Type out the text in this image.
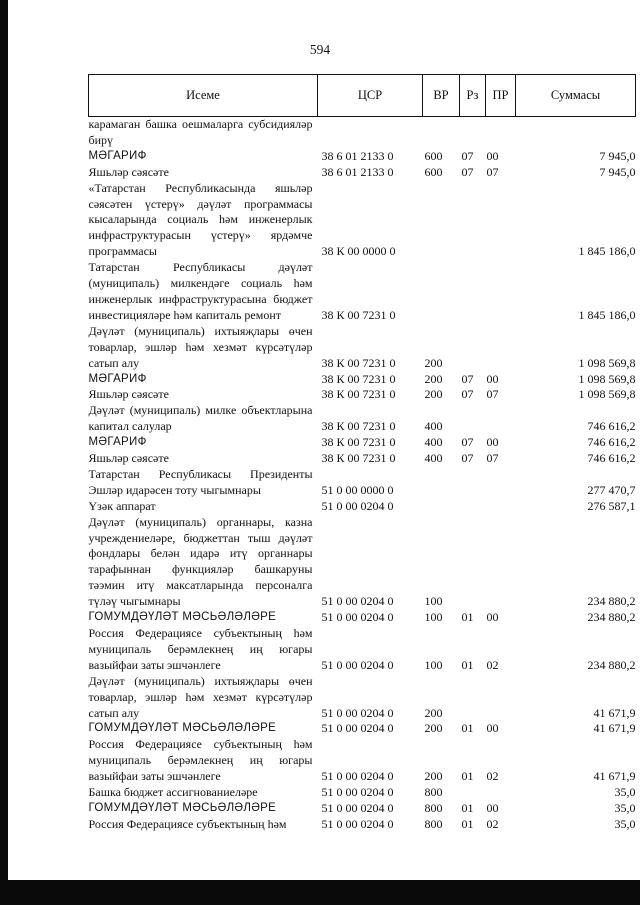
594
Исеме	ЦСР	ВР	Рз	ПР	Суммасы
карамаган башка оешмаларга субсидияләр бирү					
МӘГАРИФ	38 6 01 2133 0	600	07	00	7 945,0
Яшьләр сәясәте	38 6 01 2133 0	600	07	07	7 945,0
«Татарстан Республикасында яшьләр сәясәтен үстерү» дәүләт программасы кысаларында социаль һәм инженерлык инфраструктурасын үстерү» ярдәмче программасы	38 К 00 0000 0				1 845 186,0
Татарстан Республикасы дәүләт (муниципаль) милкендәге социаль һәм инженерлык инфраструктурасына бюджет инвестицияләре һәм капиталь ремонт	38 К 00 7231 0				1 845 186,0
Дәүләт (муниципаль) ихтыяҗлары өчен товарлар, эшләр һәм хезмәт күрсәтүләр сатып алу	38 К 00 7231 0	200			1 098 569,8
МӘГАРИФ	38 К 00 7231 0	200	07	00	1 098 569,8
Яшьләр сәясәте	38 К 00 7231 0	200	07	07	1 098 569,8
Дәүләт (муниципаль) милке объектларына капитал салулар	38 К 00 7231 0	400			746 616,2
МӘГАРИФ	38 К 00 7231 0	400	07	00	746 616,2
Яшьләр сәясәте	38 К 00 7231 0	400	07	07	746 616,2
Татарстан Республикасы Президенты Эшләр идарәсен тоту чыгымнары	51 0 00 0000 0				277 470,7
Үзәк аппарат	51 0 00 0204 0				276 587,1
Дәүләт (муниципаль) органнары, казна учреждениеләре, бюджеттан тыш дәүләт фондлары белән идарә итү органнары тарафыннан функцияләр башкаруны тәэмин итү максатларында персоналга түләү чыгымнары	51 0 00 0204 0	100			234 880,2
ГОМУМДӘҮЛӘТ МӘСЬӘЛӘЛӘРЕ	51 0 00 0204 0	100	01	00	234 880,2
Россия Федерациясе субъектының һәм муниципаль берәмлекнең иң югары вазыйфаи заты эшчәнлеге	51 0 00 0204 0	100	01	02	234 880,2
Дәүләт (муниципаль) ихтыяҗлары өчен товарлар, эшләр һәм хезмәт күрсәтүләр сатып алу	51 0 00 0204 0	200			41 671,9
ГОМУМДӘҮЛӘТ МӘСЬӘЛӘЛӘРЕ	51 0 00 0204 0	200	01	00	41 671,9
Россия Федерациясе субъектының һәм муниципаль берәмлекнең иң югары вазыйфаи заты эшчәнлеге	51 0 00 0204 0	200	01	02	41 671,9
Башка бюджет ассигнованиеләре	51 0 00 0204 0	800			35,0
ГОМУМДӘҮЛӘТ МӘСЬӘЛӘЛӘРЕ	51 0 00 0204 0	800	01	00	35,0
Россия Федерациясе субъектының һәм	51 0 00 0204 0	800	01	02	35,0
